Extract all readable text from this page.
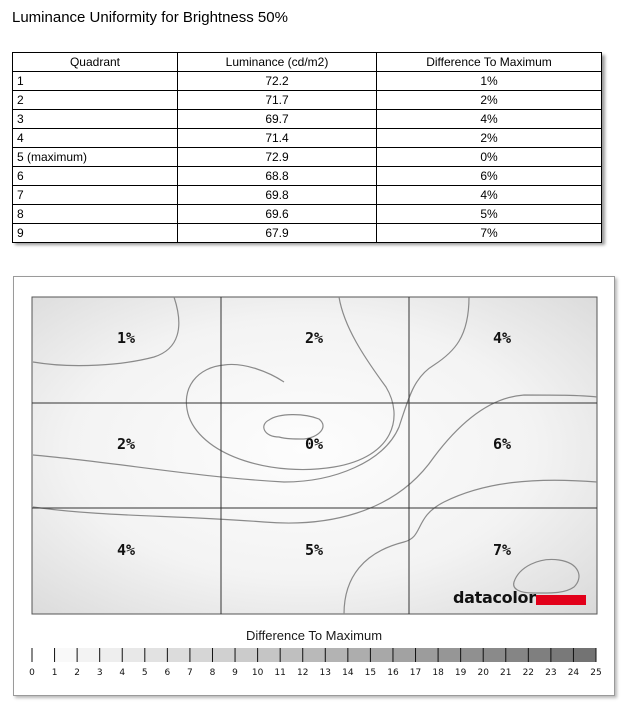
Luminance Uniformity for Brightness 50%
Quadrant	Luminance (cd/m2)	Difference To Maximum
1	72.2	1%
2	71.7	2%
3	69.7	4%
4	71.4	2%
5 (maximum)	72.9	0%
6	68.8	6%
7	69.8	4%
8	69.6	5%
9	67.9	7%
1%	2%	4%
2%	0%	6%
4%	5%	7%
0 1 2 3 4 5 6 7 8 9 10 11 12 13 14 15 16 17 18 19 20 21 22 23 24 25
datacolor
Difference To Maximum
